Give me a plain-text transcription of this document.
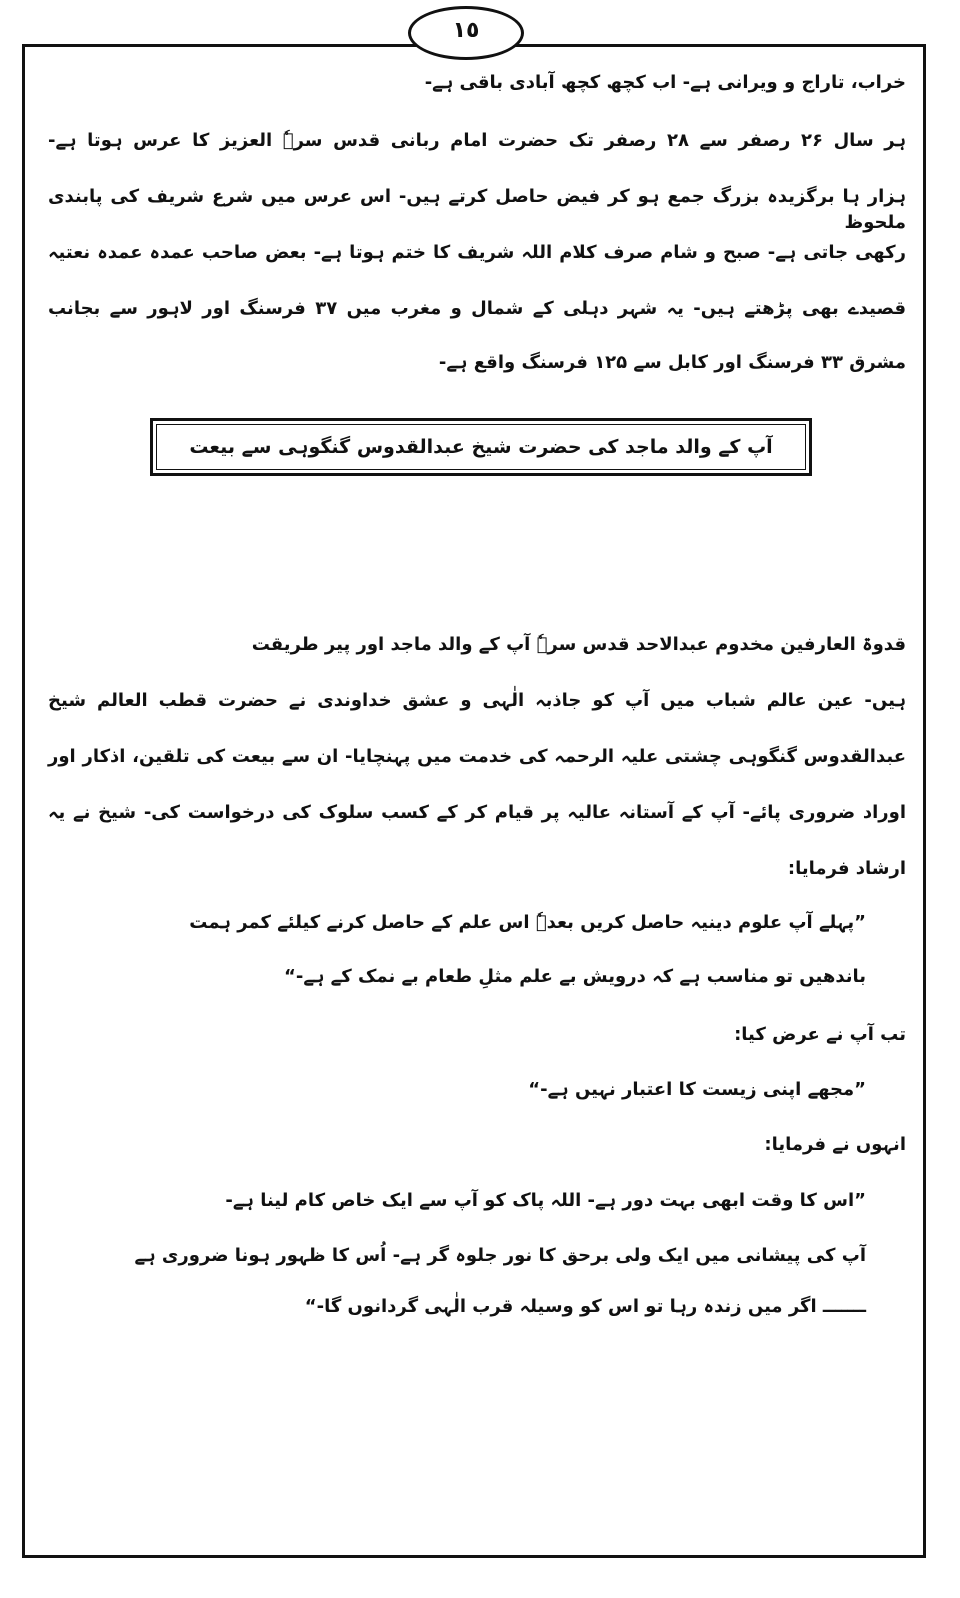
١٥
خراب، تاراج و ویرانی ہے- اب کچھ کچھ آبادی باقی ہے-
ہر سال ۲۶ رصفر سے ۲۸ رصفر تک حضرت امام ربانی قدس سرہٗ العزیز کا عرس ہوتا ہے-
ہزار ہا برگزیدہ بزرگ جمع ہو کر فیض حاصل کرتے ہیں- اس عرس میں شرع شریف کی پابندی ملحوظ
رکھی جاتی ہے- صبح و شام صرف کلام اللہ شریف کا ختم ہوتا ہے- بعض صاحب عمدہ عمدہ نعتیہ
قصیدے بھی پڑھتے ہیں- یہ شہر دہلی کے شمال و مغرب میں ۳۷ فرسنگ اور لاہور سے بجانب
مشرق ۳۳ فرسنگ اور کابل سے ۱۲۵ فرسنگ واقع ہے-
آپ کے والد ماجد کی حضرت شیخ عبدالقدوس گنگوہی سے بیعت
قدوۃ العارفین مخدوم عبدالاحد قدس سرہٗ آپ کے والد ماجد اور پیر طریقت
ہیں- عین عالم شباب میں آپ کو جاذبہ الٰہی و عشق خداوندی نے حضرت قطب العالم شیخ
عبدالقدوس گنگوہی چشتی علیہ الرحمہ کی خدمت میں پہنچایا- ان سے بیعت کی تلقین، اذکار اور
اوراد ضروری پائے- آپ کے آستانہ عالیہ پر قیام کر کے کسب سلوک کی درخواست کی- شیخ نے یہ
ارشاد فرمایا:
”پہلے آپ علوم دینیہ حاصل کریں بعدہٗ اس علم کے حاصل کرنے کیلئے کمر ہمت
باندھیں تو مناسب ہے کہ درویش بے علم مثلِ طعام بے نمک کے ہے-“
تب آپ نے عرض کیا:
”مجھے اپنی زیست کا اعتبار نہیں ہے-“
انہوں نے فرمایا:
”اس کا وقت ابھی بہت دور ہے- اللہ پاک کو آپ سے ایک خاص کام لینا ہے-
آپ کی پیشانی میں ایک ولی برحق کا نور جلوہ گر ہے- اُس کا ظہور ہونا ضروری ہے
ـــــــ اگر میں زندہ رہا تو اس کو وسیلہ قرب الٰہی گردانوں گا-“
